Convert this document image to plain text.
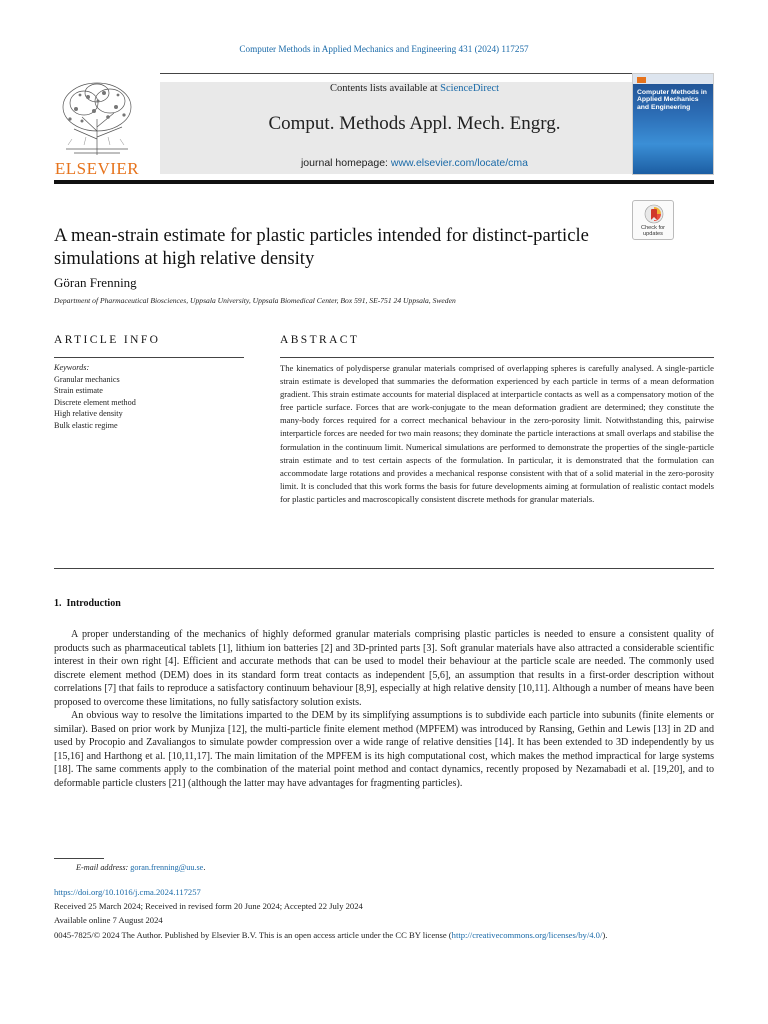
Computer Methods in Applied Mechanics and Engineering 431 (2024) 117257
ELSEVIER
Contents lists available at ScienceDirect
Comput. Methods Appl. Mech. Engrg.
journal homepage: www.elsevier.com/locate/cma
Computer Methods in Applied Mechanics and Engineering
Check for updates
A mean-strain estimate for plastic particles intended for distinct-particle simulations at high relative density
Göran Frenning
Department of Pharmaceutical Biosciences, Uppsala University, Uppsala Biomedical Center, Box 591, SE-751 24 Uppsala, Sweden
ARTICLE INFO	ABSTRACT
Keywords:
Granular mechanics
Strain estimate
Discrete element method
High relative density
Bulk elastic regime
The kinematics of polydisperse granular materials comprised of overlapping spheres is carefully analysed. A single-particle strain estimate is developed that summaries the deformation experienced by each particle in terms of a mean deformation gradient. This strain estimate accounts for material displaced at interparticle contacts as well as a compensatory motion of the free particle surface. Forces that are work-conjugate to the mean deformation gradient are determined; they constitute the many-body forces required for a correct mechanical behaviour in the zero-porosity limit. Notwithstanding this, pairwise interparticle forces are needed for two main reasons; they dominate the particle interactions at small overlaps and stabilise the formulation in the continuum limit. Numerical simulations are performed to demonstrate the properties of the single-particle strain estimate and to test certain aspects of the formulation. In particular, it is demonstrated that the formulation can accommodate large rotations and provides a mechanical response consistent with that of a solid material in the zero-porosity limit. It is concluded that this work forms the basis for future developments aiming at formulation of realistic contact models for plastic particles and macroscopically consistent discrete methods for granular materials.
1.  Introduction

A proper understanding of the mechanics of highly deformed granular materials comprising plastic particles is needed to ensure a consistent quality of products such as pharmaceutical tablets [1], lithium ion batteries [2] and 3D-printed parts [3]. Soft granular materials have also attracted a considerable scientific interest in their own right [4]. Efficient and accurate methods that can be used to model their behaviour at the particle scale are needed. The commonly used discrete element method (DEM) does in its standard form treat contacts as independent [5,6], an assumption that results in a first-order description without correlations [7] that fails to reproduce a satisfactory continuum behaviour [8,9], especially at high relative density [10,11]. Although a number of means have been proposed to overcome these limitations, no fully satisfactory solution exists.

An obvious way to resolve the limitations imparted to the DEM by its simplifying assumptions is to subdivide each particle into subunits (finite elements or similar). Based on prior work by Munjiza [12], the multi-particle finite element method (MPFEM) was introduced by Ransing, Gethin and Lewis [13] in 2D and used by Procopio and Zavaliangos to simulate powder compression over a wide range of relative densities [14]. It has been extended to 3D independently by us [15,16] and Harthong et al. [10,11,17]. The main limitation of the MPFEM is its high computational cost, which makes the method impractical for large systems [18]. The same comments apply to the combination of the material point method and contact dynamics, recently proposed by Nezamabadi et al. [19,20], and to deformable particle clusters [21] (although the latter may have advantages for fragmenting particles).

E-mail address: goran.frenning@uu.se.
https://doi.org/10.1016/j.cma.2024.117257
Received 25 March 2024; Received in revised form 20 June 2024; Accepted 22 July 2024
Available online 7 August 2024
0045-7825/© 2024 The Author. Published by Elsevier B.V. This is an open access article under the CC BY license (http://creativecommons.org/licenses/by/4.0/).
